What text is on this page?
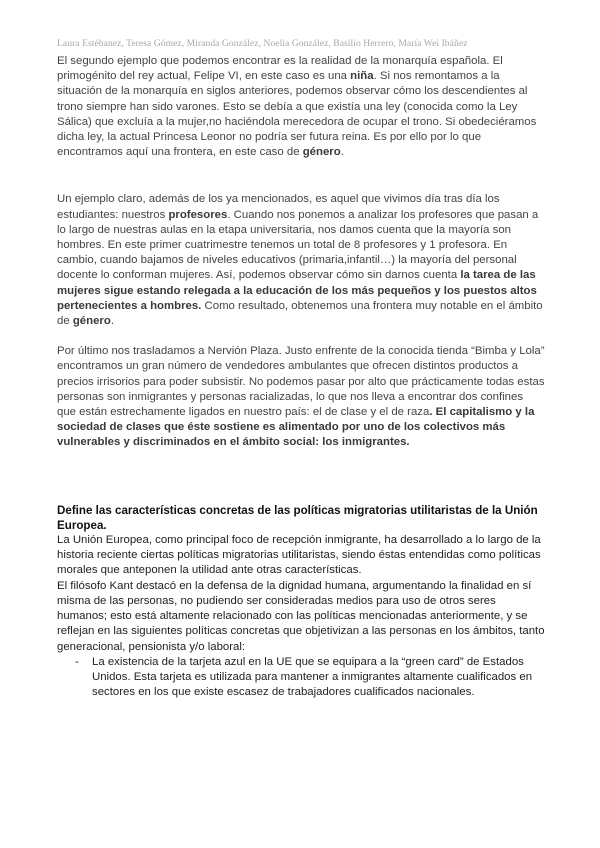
Laura Estébanez, Teresa Gómez, Miranda González, Noelia González, Basilio Herrero, María Wei Ibáñez

El segundo ejemplo que podemos encontrar es la realidad de la monarquía española. El primogénito del rey actual, Felipe VI, en este caso es una niña. Si nos remontamos a la situación de la monarquía en siglos anteriores, podemos observar cómo los descendientes al trono siempre han sido varones. Esto se debía a que existía una ley (conocida como la Ley Sálica) que excluía a la mujer,no haciéndola merecedora de ocupar el trono. Si obedeciéramos dicha ley, la actual Princesa Leonor no podría ser futura reina. Es por ello por lo que encontramos aquí una frontera, en este caso de género.

Un ejemplo claro, además de los ya mencionados, es aquel que vivimos día tras día los estudiantes: nuestros profesores. Cuando nos ponemos a analizar los profesores que pasan a lo largo de nuestras aulas en la etapa universitaria, nos damos cuenta que la mayoría son hombres. En este primer cuatrimestre tenemos un total de 8 profesores y 1 profesora. En cambio, cuando bajamos de niveles educativos (primaria,infantil…) la mayoría del personal docente lo conforman mujeres. Así, podemos observar cómo sin darnos cuenta la tarea de las mujeres sigue estando relegada a la educación de los más pequeños y los puestos altos pertenecientes a hombres. Como resultado, obtenemos una frontera muy notable en el ámbito de género.

Por último nos trasladamos a Nervión Plaza. Justo enfrente de la conocida tienda “Bimba y Lola” encontramos un gran número de vendedores ambulantes que ofrecen distintos productos a precios irrisorios para poder subsistir. No podemos pasar por alto que prácticamente todas estas personas son inmigrantes y personas racializadas, lo que nos lleva a encontrar dos confines que están estrechamente ligados en nuestro país: el de clase y el de raza. El capitalismo y la sociedad de clases que éste sostiene es alimentado por uno de los colectivos más vulnerables y discriminados en el ámbito social: los inmigrantes.

Define las características concretas de las políticas migratorias utilitaristas de la Unión Europea.

La Unión Europea, como principal foco de recepción inmigrante, ha desarrollado a lo largo de la historia reciente ciertas políticas migratorias utilitaristas, siendo éstas entendidas como políticas morales que anteponen la utilidad ante otras características.

El filósofo Kant destacó en la defensa de la dignidad humana, argumentando la finalidad en sí misma de las personas, no pudiendo ser consideradas medios para uso de otros seres humanos; esto está altamente relacionado con las políticas mencionadas anteriormente, y se reflejan en las siguientes políticas concretas que objetivizan a las personas en los ámbitos, tanto generacional, pensionista y/o laboral:

- La existencia de la tarjeta azul en la UE que se equipara a la “green card” de Estados Unidos. Esta tarjeta es utilizada para mantener a inmigrantes altamente cualificados en sectores en los que existe escasez de trabajadores cualificados nacionales.
